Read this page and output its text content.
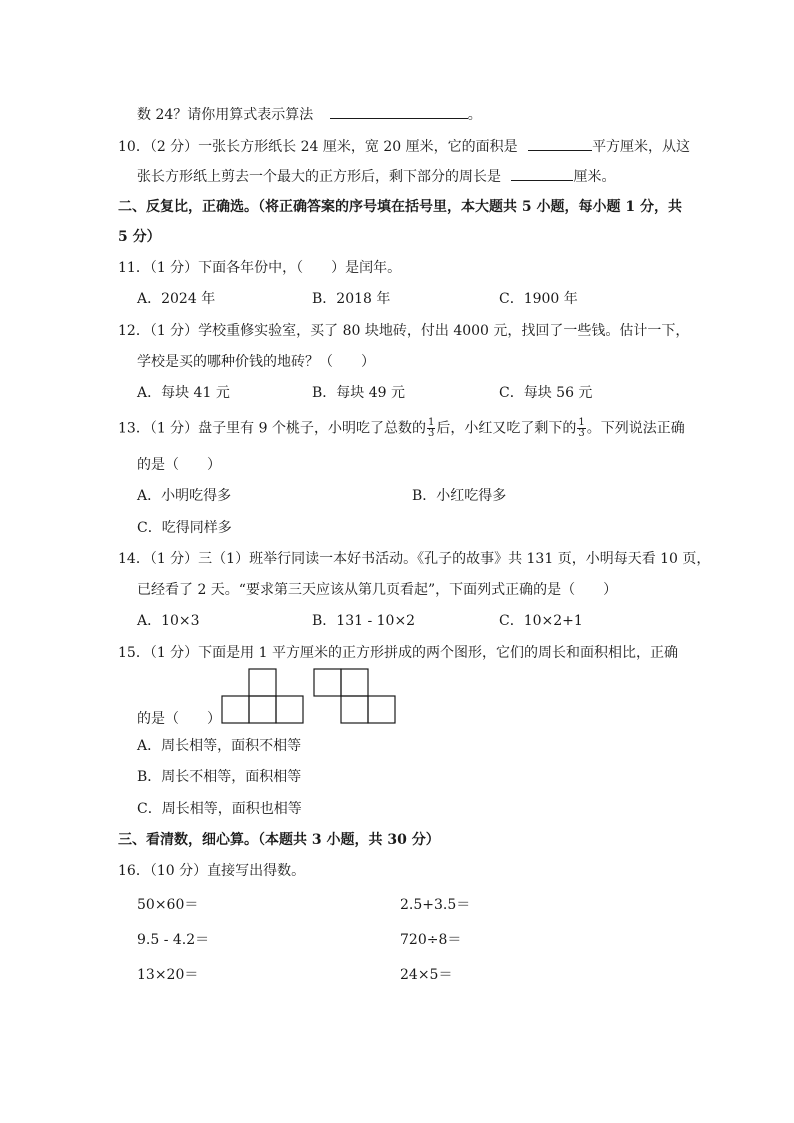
数 24？请你用算式表示算法	。
10．（2 分）一张长方形纸长 24 厘米，宽 20 厘米，它的面积是	平方厘米，从这
张长方形纸上剪去一个最大的正方形后，剩下部分的周长是	厘米。
二、反复比，正确选。（将正确答案的序号填在括号里，本大题共 5 小题，每小题 1 分，共
5 分）
11．（1 分）下面各年份中，（　　）是闰年。
A．2024 年	B．2018 年	C．1900 年
12．（1 分）学校重修实验室，买了 80 块地砖，付出 4000 元，找回了一些钱。估计一下，
学校是买的哪种价钱的地砖？（　　）
A．每块 41 元	B．每块 49 元	C．每块 56 元
13．（1 分）盘子里有 9 个桃子，小明吃了总数的 $\frac{1}{3}$ 后，小红又吃了剩下的 $\frac{1}{3}$ 。下列说法正确
的是（　　）
A．小明吃得多	B．小红吃得多
C．吃得同样多
14．（1 分）三（1）班举行同读一本好书活动。《孔子的故事》共 131 页，小明每天看 10 页，
已经看了 2 天。“要求第三天应该从第几页看起”，下面列式正确的是（　　）
A．10×3	B．131 - 10×2	C．10×2+1
15．（1 分）下面是用 1 平方厘米的正方形拼成的两个图形，它们的周长和面积相比，正确
的是（　　）
A．周长相等，面积不相等
B．周长不相等，面积相等
C．周长相等，面积也相等
三、看清数，细心算。（本题共 3 小题，共 30 分）
16．（10 分）直接写出得数。
50×60＝	2.5+3.5＝
9.5 - 4.2＝	720÷8＝
13×20＝	24×5＝
